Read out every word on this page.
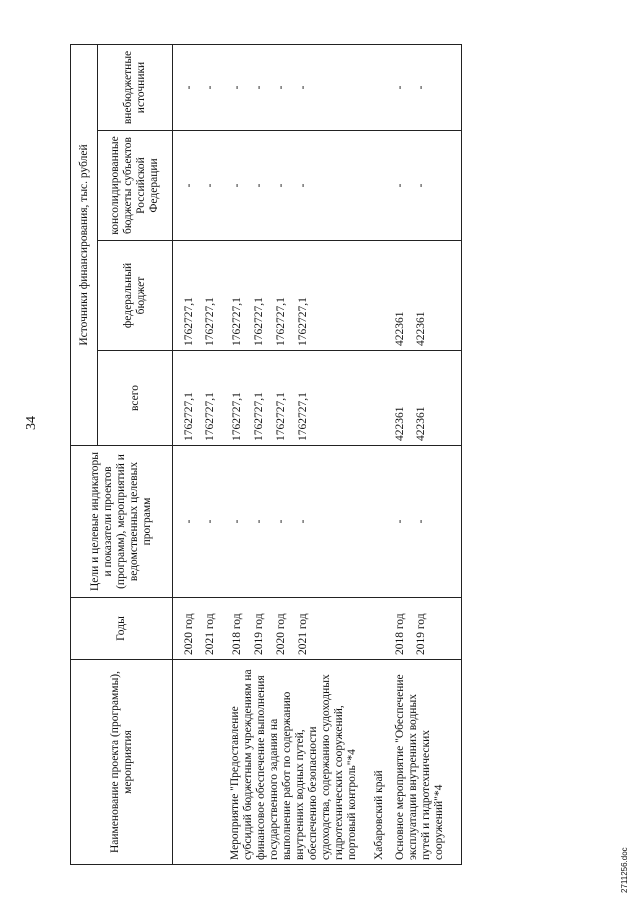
34
Наименование проекта (программы), мероприятия	Годы	Цели и целевые индикаторы и показатели проектов (программ), мероприятий и ведомственных целевых программ	Источники финансирования, тыс. рублей			
			всего	федеральный бюджет	консолидированные бюджеты субъектов Российской Федерации	внебюджетные источники

	2020 год	-	1762727,1	1762727,1	-	-
	2021 год	-	1762727,1	1762727,1	-	-

Мероприятие "Предоставление субсидий бюджетным учреждениям на финансовое обеспечение выполнения государственного задания на выполнение работ по содержанию внутренних водных путей, обеспечению безопасности судоходства, содержанию судоходных гидротехнических сооружений, портовый контроль"*4	2018 год	-	1762727,1	1762727,1	-	-
	2019 год	-	1762727,1	1762727,1	-	-
	2020 год	-	1762727,1	1762727,1	-	-
	2021 год	-	1762727,1	1762727,1	-	-
Хабаровский край						
Основное мероприятие "Обеспечение эксплуатации внутренних водных путей и гидротехнических сооружений"*4	2018 год	-	422361	422361	-	-
	2019 год	-	422361	422361	-	-
2711256.doc
